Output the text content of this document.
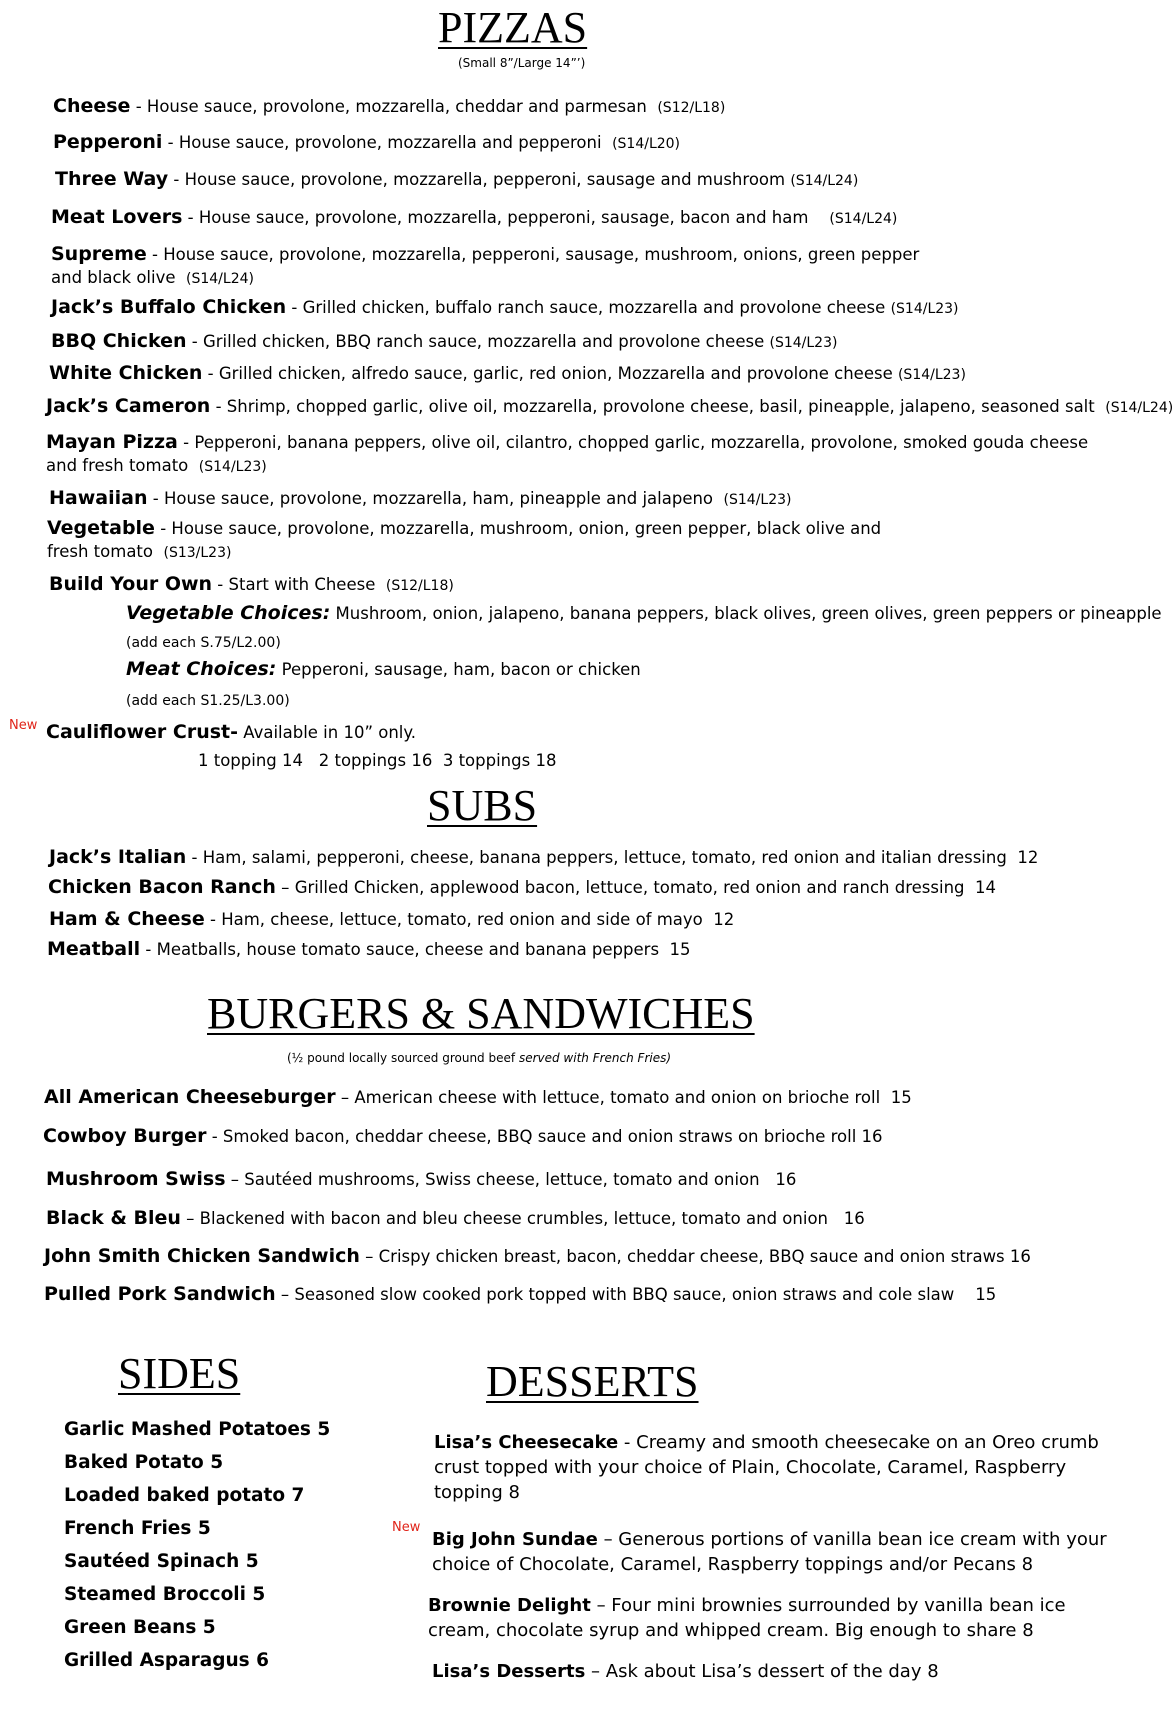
PIZZAS
(Small 8”/Large 14”’)
Cheese - House sauce, provolone, mozzarella, cheddar and parmesan (S12/L18)
Pepperoni - House sauce, provolone, mozzarella and pepperoni (S14/L20)
Three Way - House sauce, provolone, mozzarella, pepperoni, sausage and mushroom (S14/L24)
Meat Lovers - House sauce, provolone, mozzarella, pepperoni, sausage, bacon and ham (S14/L24)
Supreme - House sauce, provolone, mozzarella, pepperoni, sausage, mushroom, onions, green pepper and black olive (S14/L24)
Jack’s Buffalo Chicken - Grilled chicken, buffalo ranch sauce, mozzarella and provolone cheese (S14/L23)
BBQ Chicken - Grilled chicken, BBQ ranch sauce, mozzarella and provolone cheese (S14/L23)
White Chicken - Grilled chicken, alfredo sauce, garlic, red onion, Mozzarella and provolone cheese (S14/L23)
Jack’s Cameron - Shrimp, chopped garlic, olive oil, mozzarella, provolone cheese, basil, pineapple, jalapeno, seasoned salt (S14/L24)
Mayan Pizza - Pepperoni, banana peppers, olive oil, cilantro, chopped garlic, mozzarella, provolone, smoked gouda cheese and fresh tomato (S14/L23)
Hawaiian - House sauce, provolone, mozzarella, ham, pineapple and jalapeno (S14/L23)
Vegetable - House sauce, provolone, mozzarella, mushroom, onion, green pepper, black olive and fresh tomato (S13/L23)
Build Your Own - Start with Cheese (S12/L18)
Vegetable Choices: Mushroom, onion, jalapeno, banana peppers, black olives, green olives, green peppers or pineapple
(add each S.75/L2.00)
Meat Choices: Pepperoni, sausage, ham, bacon or chicken
(add each S1.25/L3.00)
New Cauliflower Crust- Available in 10” only.
1 topping 14   2 toppings 16  3 toppings 18
SUBS
Jack’s Italian - Ham, salami, pepperoni, cheese, banana peppers, lettuce, tomato, red onion and italian dressing 12
Chicken Bacon Ranch – Grilled Chicken, applewood bacon, lettuce, tomato, red onion and ranch dressing 14
Ham & Cheese - Ham, cheese, lettuce, tomato, red onion and side of mayo 12
Meatball - Meatballs, house tomato sauce, cheese and banana peppers 15
BURGERS & SANDWICHES
(½ pound locally sourced ground beef served with French Fries)
All American Cheeseburger – American cheese with lettuce, tomato and onion on brioche roll 15
Cowboy Burger - Smoked bacon, cheddar cheese, BBQ sauce and onion straws on brioche roll 16
Mushroom Swiss – Sautéed mushrooms, Swiss cheese, lettuce, tomato and onion 16
Black & Bleu – Blackened with bacon and bleu cheese crumbles, lettuce, tomato and onion 16
John Smith Chicken Sandwich – Crispy chicken breast, bacon, cheddar cheese, BBQ sauce and onion straws 16
Pulled Pork Sandwich – Seasoned slow cooked pork topped with BBQ sauce, onion straws and cole slaw 15
SIDES
Garlic Mashed Potatoes 5
Baked Potato 5
Loaded baked potato 7
French Fries 5
Sautéed Spinach 5
Steamed Broccoli 5
Green Beans 5
Grilled Asparagus 6
DESSERTS
Lisa’s Cheesecake - Creamy and smooth cheesecake on an Oreo crumb crust topped with your choice of Plain, Chocolate, Caramel, Raspberry topping 8
New
Big John Sundae – Generous portions of vanilla bean ice cream with your choice of Chocolate, Caramel, Raspberry toppings and/or Pecans 8
Brownie Delight – Four mini brownies surrounded by vanilla bean ice cream, chocolate syrup and whipped cream. Big enough to share 8
Lisa’s Desserts – Ask about Lisa’s dessert of the day 8
